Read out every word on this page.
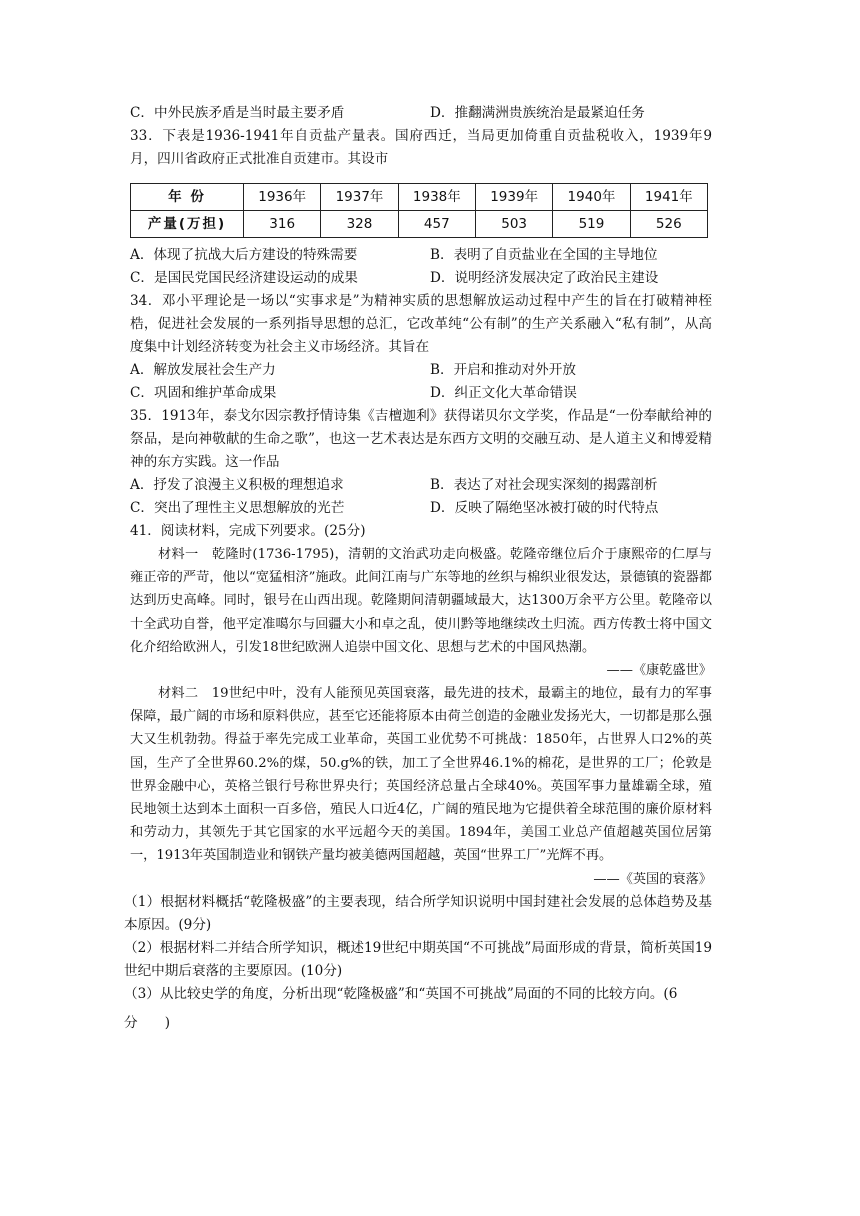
C．中外民族矛盾是当时最主要矛盾	D．推翻满洲贵族统治是最紧迫任务

33．下表是1936-1941年自贡盐产量表。国府西迁，当局更加倚重自贡盐税收入，1939年9月，四川省政府正式批准自贡建市。其设市

年 份	1936年	1937年	1938年	1939年	1940年	1941年
产量(万担)	316	328	457	503	519	526

A．体现了抗战大后方建设的特殊需要	B．表明了自贡盐业在全国的主导地位

C．是国民党国民经济建设运动的成果	D．说明经济发展决定了政治民主建设

34．邓小平理论是一场以“实事求是”为精神实质的思想解放运动过程中产生的旨在打破精神桎梏，促进社会发展的一系列指导思想的总汇，它改革纯“公有制”的生产关系融入“私有制”，从高度集中计划经济转变为社会主义市场经济。其旨在

A．解放发展社会生产力	B．开启和推动对外开放

C．巩固和维护革命成果	D．纠正文化大革命错误

35．1913年，泰戈尔因宗教抒情诗集《吉檀迦利》获得诺贝尔文学奖，作品是“一份奉献给神的祭品，是向神敬献的生命之歌”，也这一艺术表达是东西方文明的交融互动、是人道主义和博爱精神的东方实践。这一作品

A．抒发了浪漫主义积极的理想追求	B．表达了对社会现实深刻的揭露剖析

C．突出了理性主义思想解放的光芒	D．反映了隔绝坚冰被打破的时代特点

41．阅读材料，完成下列要求。(25分)

材料一　乾隆时(1736-1795)，清朝的文治武功走向极盛。乾隆帝继位后介于康熙帝的仁厚与雍正帝的严苛，他以“宽猛相济”施政。此间江南与广东等地的丝织与棉织业很发达，景德镇的瓷器都达到历史高峰。同时，银号在山西出现。乾隆期间清朝疆域最大，达1300万余平方公里。乾隆帝以十全武功自誉，他平定准噶尔与回疆大小和卓之乱，使川黔等地继续改土归流。西方传教士将中国文化介绍给欧洲人，引发18世纪欧洲人追崇中国文化、思想与艺术的中国风热潮。

——《康乾盛世》

材料二　19世纪中叶，没有人能预见英国衰落，最先进的技术，最霸主的地位，最有力的军事保障，最广阔的市场和原料供应，甚至它还能将原本由荷兰创造的金融业发扬光大，一切都是那么强大又生机勃勃。得益于率先完成工业革命，英国工业优势不可挑战：1850年，占世界人口2%的英国，生产了全世界60.2%的煤，50.g%的铁，加工了全世界46.1%的棉花，是世界的工厂；伦敦是世界金融中心，英格兰银行号称世界央行；英国经济总量占全球40%。英国军事力量雄霸全球，殖民地领土达到本土面积一百多倍，殖民人口近4亿，广阔的殖民地为它提供着全球范围的廉价原材料和劳动力，其领先于其它国家的水平远超今天的美国。1894年，美国工业总产值超越英国位居第一，1913年英国制造业和钢铁产量均被美德两国超越，英国“世界工厂”光辉不再。

——《英国的衰落》

（1）根据材料概括“乾隆极盛”的主要表现，结合所学知识说明中国封建社会发展的总体趋势及基本原因。(9分)

（2）根据材料二并结合所学知识，概述19世纪中期英国“不可挑战”局面形成的背景，简析英国19世纪中期后衰落的主要原因。(10分)

（3）从比较史学的角度，分析出现“乾隆极盛”和“英国不可挑战”局面的不同的比较方向。(6

分　　)
